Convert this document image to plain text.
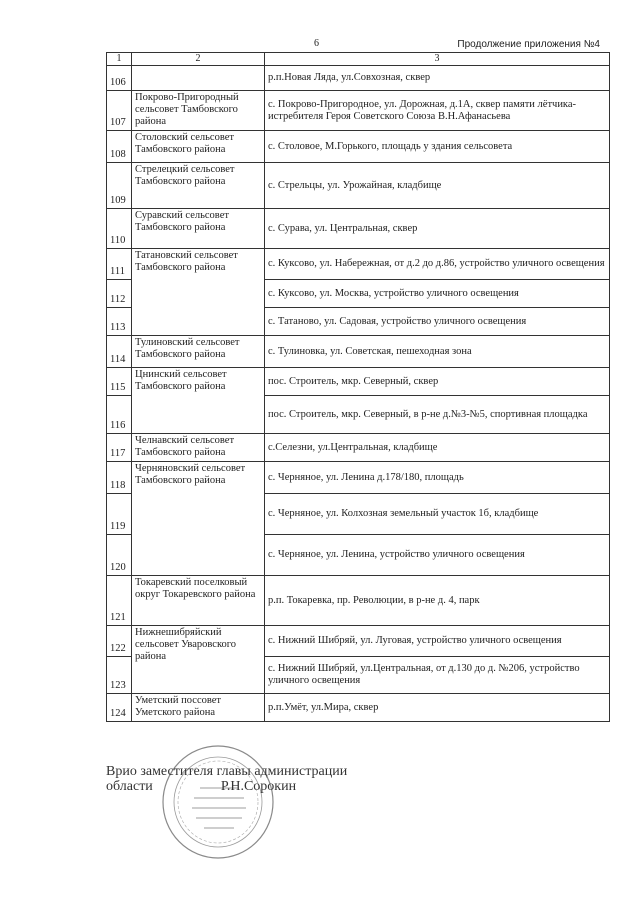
6	Продолжение приложения №4
1	2	3
106		р.п.Новая Ляда, ул.Совхозная, сквер
107	Покрово-Пригородный сельсовет Тамбовского района	с. Покрово-Пригородное, ул. Дорожная, д.1А, сквер памяти лётчика-истребителя Героя Советского Союза В.Н.Афанасьева
108	Столовский сельсовет Тамбовского района	с. Столовое, М.Горького, площадь у здания сельсовета
109	Стрелецкий сельсовет Тамбовского района	с. Стрельцы, ул. Урожайная, кладбище
110	Суравский сельсовет Тамбовского района	с. Сурава, ул. Центральная, сквер
111	Татановский сельсовет Тамбовского района	с. Куксово, ул. Набережная, от д.2 до д.86, устройство уличного освещения
112		с. Куксово, ул. Москва, устройство уличного освещения
113		с. Татаново, ул. Садовая, устройство уличного освещения
114	Тулиновский сельсовет Тамбовского района	с. Тулиновка, ул. Советская, пешеходная зона
115	Цнинский сельсовет Тамбовского района	пос. Строитель, мкр. Северный, сквер
116		пос. Строитель, мкр. Северный, в р-не д.№3-№5, спортивная площадка
117	Челнавский сельсовет Тамбовского района	с.Селезни, ул.Центральная, кладбище
118	Черняновский сельсовет Тамбовского района	с. Черняное, ул. Ленина д.178/180, площадь
119		с. Черняное, ул. Колхозная земельный участок 1б, кладбище
120		с. Черняное, ул. Ленина, устройство уличного освещения
121	Токаревский поселковый округ Токаревского района	р.п. Токаревка, пр. Революции, в р-не д. 4, парк
122	Нижнешибряйский сельсовет Уваровского района	с. Нижний Шибряй, ул. Луговая, устройство уличного освещения
123		с. Нижний Шибряй, ул.Центральная, от д.130 до д. №206, устройство уличного освещения
124	Уметский поссовет Уметского района	р.п.Умёт, ул.Мира, сквер
Врио заместителя главы администрации
области	Р.Н.Сорокин
